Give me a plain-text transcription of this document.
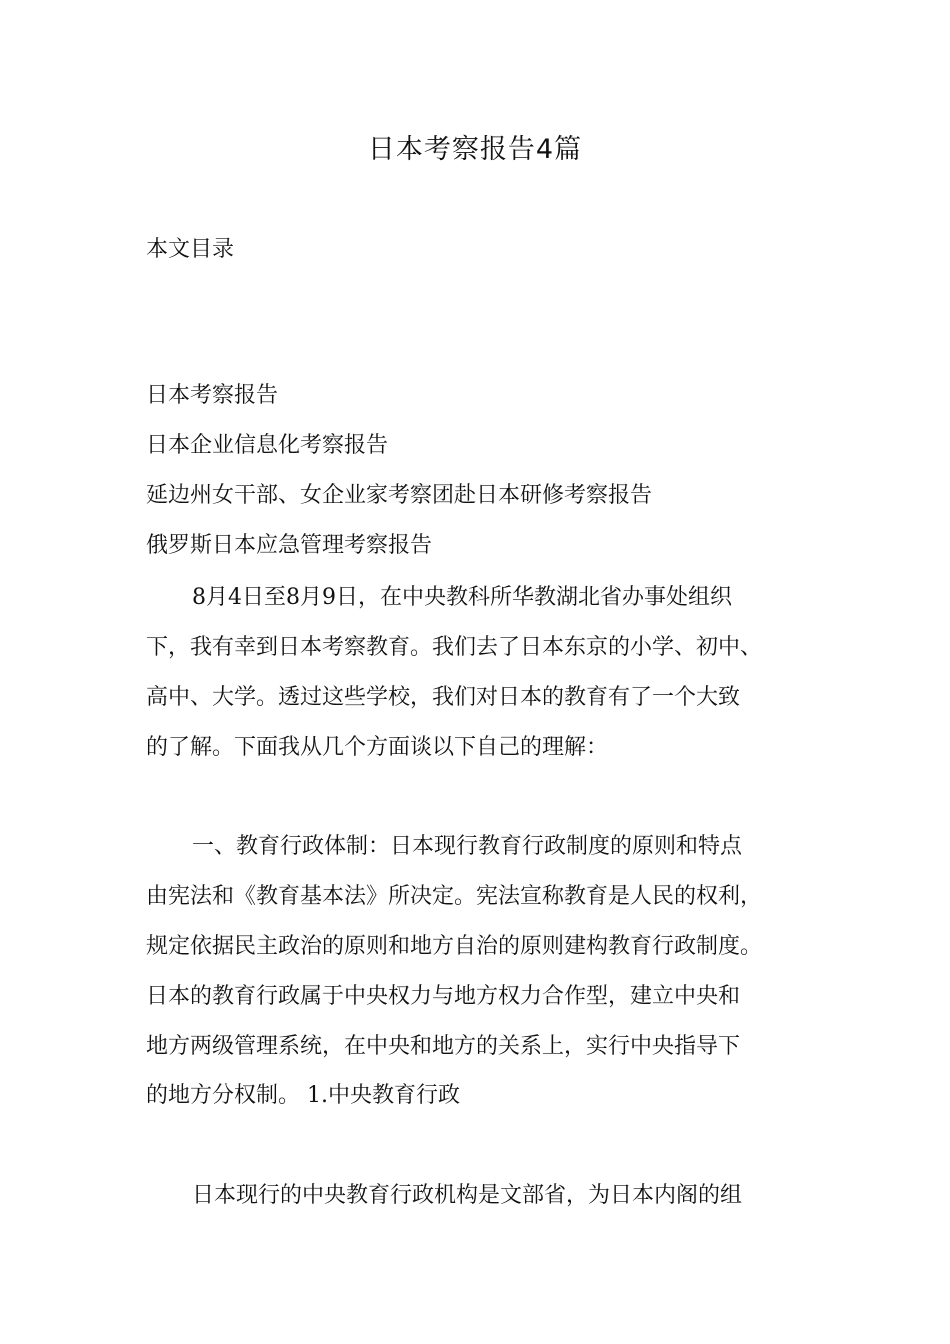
日本考察报告4篇
本文目录
日本考察报告
日本企业信息化考察报告
延边州女干部、女企业家考察团赴日本研修考察报告
俄罗斯日本应急管理考察报告
8月4日至8月9日，在中央教科所华教湖北省办事处组织
下，我有幸到日本考察教育。我们去了日本东京的小学、初中、
高中、大学。透过这些学校，我们对日本的教育有了一个大致
的了解。下面我从几个方面谈以下自己的理解：
一、教育行政体制：日本现行教育行政制度的原则和特点
由宪法和《教育基本法》所决定。宪法宣称教育是人民的权利，
规定依据民主政治的原则和地方自治的原则建构教育行政制度。
日本的教育行政属于中央权力与地方权力合作型，建立中央和
地方两级管理系统，在中央和地方的关系上，实行中央指导下
的地方分权制。 1.中央教育行政
日本现行的中央教育行政机构是文部省，为日本内阁的组
